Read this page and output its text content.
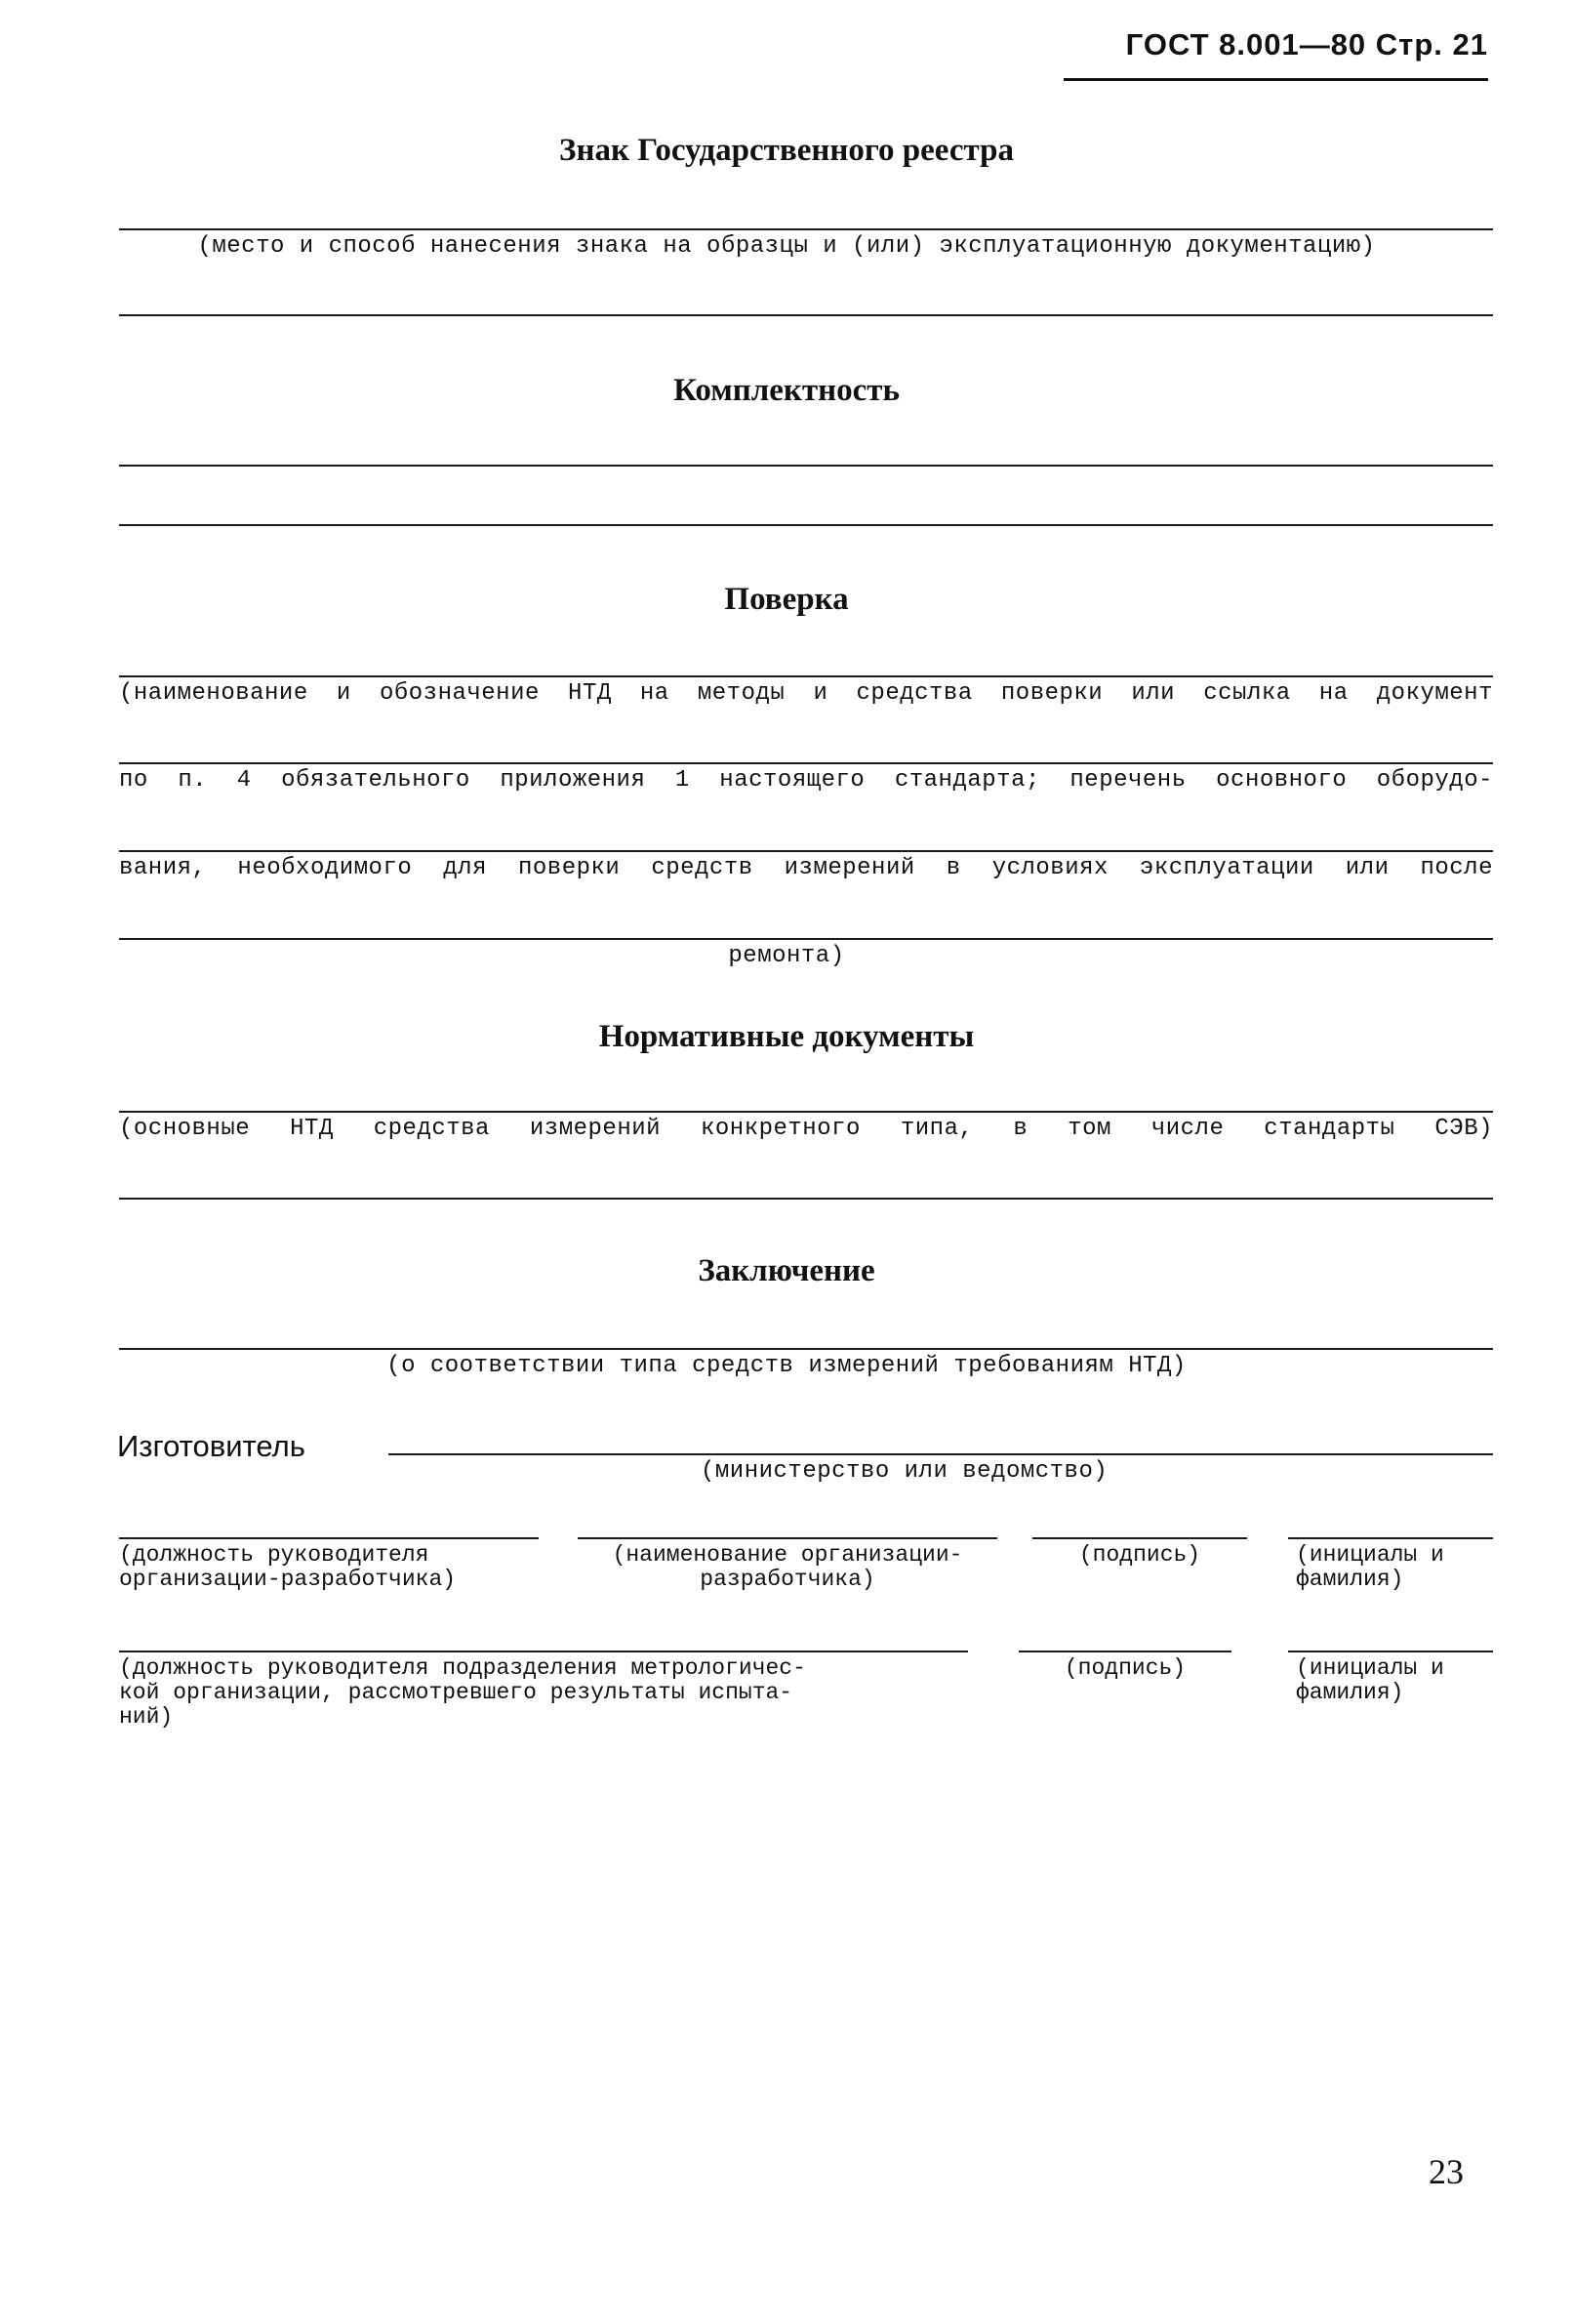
ГОСТ 8.001—80 Стр. 21
Знак Государственного реестра
(место и способ нанесения знака на образцы и (или) эксплуатационную документацию)
Комплектность
Поверка
(наименование и обозначение НТД на методы и средства поверки или ссылка на документ
по п. 4 обязательного приложения 1 настоящего стандарта; перечень основного оборудо-
вания, необходимого для поверки средств измерений в условиях эксплуатации или после
ремонта)
Нормативные документы
(основные НТД средства измерений конкретного типа, в том числе стандарты СЭВ)
Заключение
(о соответствии типа средств измерений требованиям НТД)
Изготовитель
(министерство или ведомство)
(должность руководителя
организации-разработчика)
(наименование организации-
разработчика)
(подпись)	(инициалы и
фамилия)
(должность руководителя подразделения метрологичес-
кой организации, рассмотревшего результаты испыта-
ний)
(подпись)	(инициалы и
фамилия)
23
